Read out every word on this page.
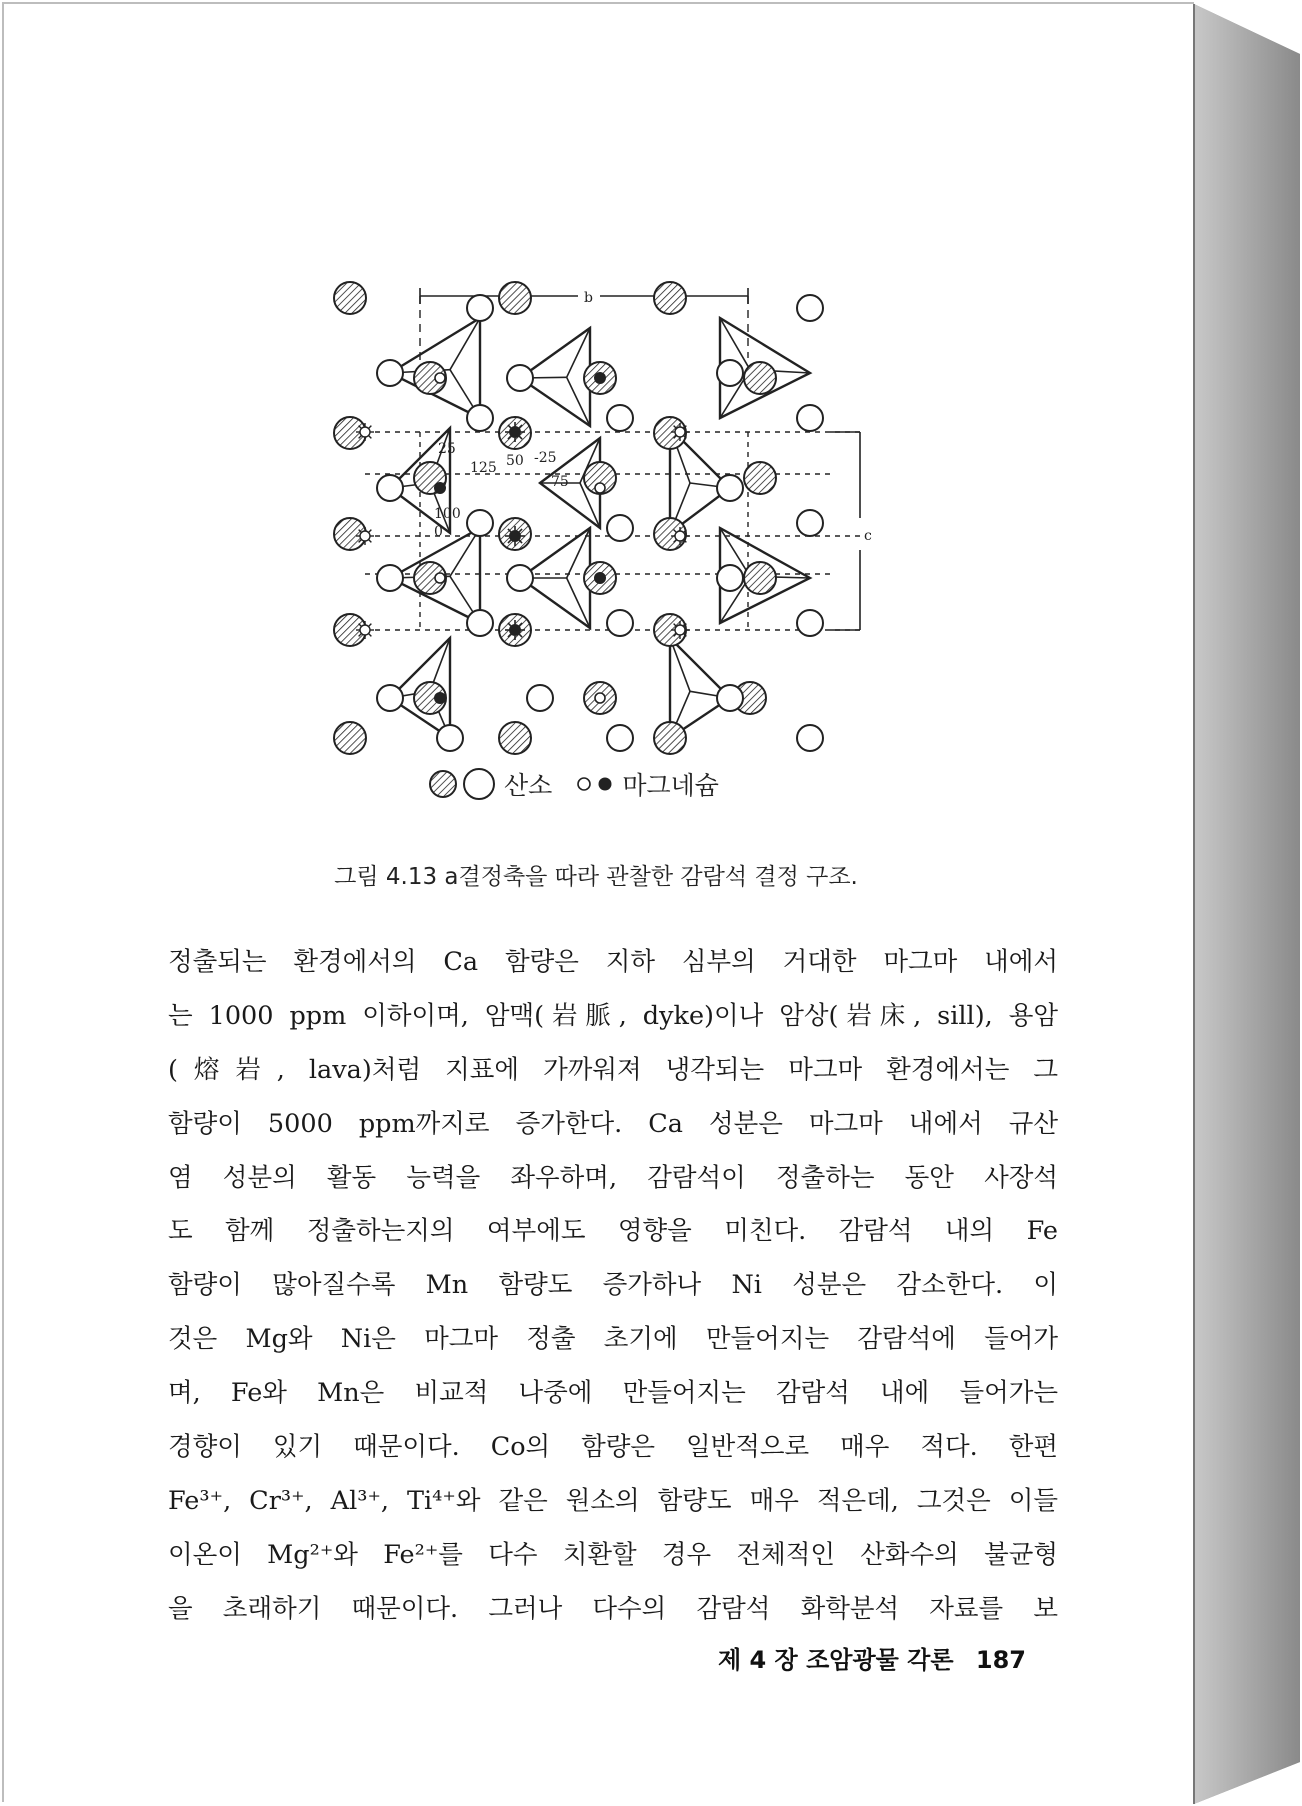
b
c
25
125 50 -25
75
100
0
산소	마그네슘
그림 4.13 a결정축을 따라 관찰한 감람석 결정 구조.
정출되는 환경에서의 Ca 함량은 지하 심부의 거대한 마그마 내에서
는 1000 ppm 이하이며, 암맥(岩脈, dyke)이나 암상(岩床, sill), 용암
(熔岩, lava)처럼 지표에 가까워져 냉각되는 마그마 환경에서는 그
함량이 5000 ppm까지로 증가한다. Ca 성분은 마그마 내에서 규산
염 성분의 활동 능력을 좌우하며, 감람석이 정출하는 동안 사장석
도 함께 정출하는지의 여부에도 영향을 미친다. 감람석 내의 Fe
함량이 많아질수록 Mn 함량도 증가하나 Ni 성분은 감소한다. 이
것은 Mg와 Ni은 마그마 정출 초기에 만들어지는 감람석에 들어가
며, Fe와 Mn은 비교적 나중에 만들어지는 감람석 내에 들어가는
경향이 있기 때문이다. Co의 함량은 일반적으로 매우 적다. 한편
Fe³⁺, Cr³⁺, Al³⁺, Ti⁴⁺와 같은 원소의 함량도 매우 적은데, 그것은 이들
이온이 Mg²⁺와 Fe²⁺를 다수 치환할 경우 전체적인 산화수의 불균형
을 초래하기 때문이다. 그러나 다수의 감람석 화학분석 자료를 보
제 4 장 조암광물 각론 187
